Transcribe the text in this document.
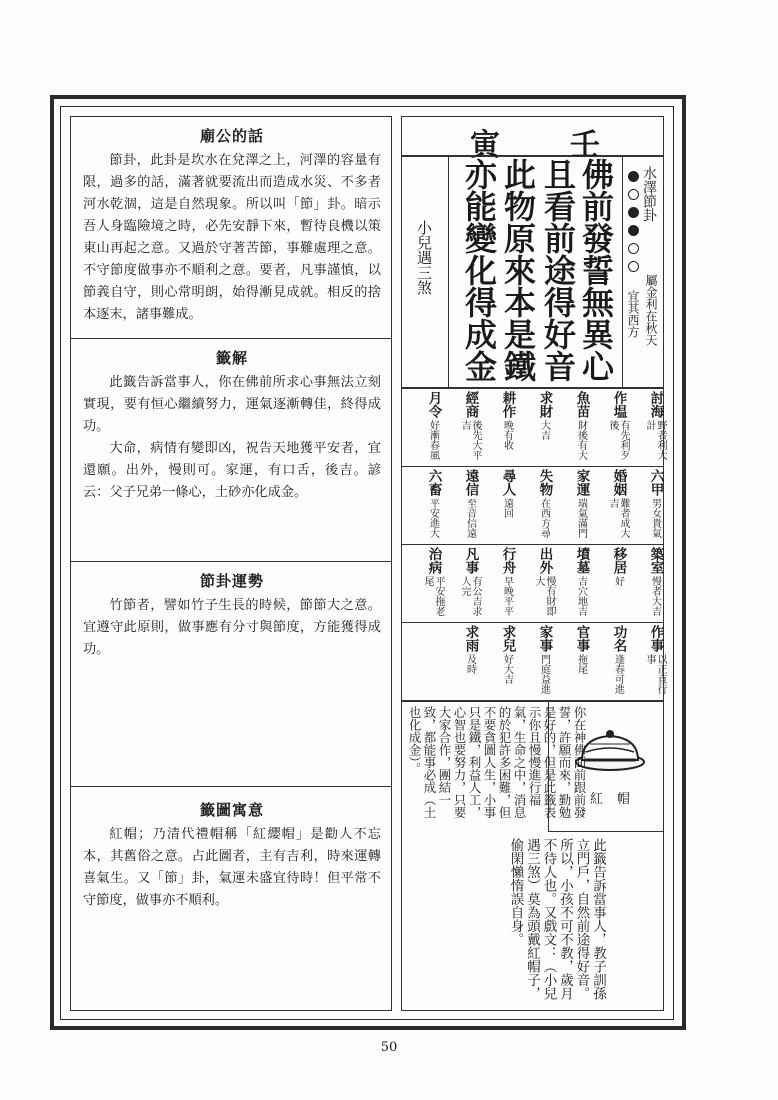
廟公的話

節卦，此卦是坎水在兌澤之上，河澤的容量有限，過多的話，滿著就要流出而造成水災、不多者河水乾涸，這是自然現象。所以叫「節」卦。暗示吾人身臨險境之時，必先安靜下來，暫待良機以策東山再起之意。又過於守著苦節，事難處理之意。不守節度做事亦不順利之意。要者，凡事謹慎，以節義自守，則心常明朗，始得漸見成就。相反的捨本逐末，諸事難成。

籤解

此籤告訴當事人，你在佛前所求心事無法立刻實現，要有恒心繼續努力，運氣逐漸轉佳，終得成功。

大命，病情有變即凶，祝告天地獲平安者，宜還願。出外，慢則可。家運，有口舌，後吉。諺云：父子兄弟一條心，土砂亦化成金。

節卦運勢

竹節者，譬如竹子生長的時候，節節大之意。宜遵守此原則，做事應有分寸與節度，方能獲得成功。

籤圖寓意

紅帽；乃清代禮帽稱「紅纓帽」是勸人不忘本，其舊俗之意。占此圖者，主有吉利，時來運轉喜氣生。又「節」卦，氣運未盛宜待時！但平常不守節度，做事亦不順利。

寅 壬
水澤節卦
屬金利在秋天
宜其西方
佛前發誓無異心
且看前途得好音
此物原來本是鐵
亦能變化得成金
小兒遇三煞
討海
野者利大計
作塭
有先利歹後
魚苗
財後有大
求財
大吉
耕作
晚有收
經商
後先大平吉
月令
好漸春風
六甲
男女貴氣
婚姻
難者成大吉
家運
瑞氣滿門
失物
在西方尋
尋人
遠回
遠信
至音信遠
六畜
平安進大
築室
慢者大吉
移居
好
墳墓
吉穴地吉
出外
慢有財即大
行舟
早晚平平
凡事
有公吉求人完
治病
平安拖老尾
作事
以正直行事
功名
逢春可進
官事
拖尾
家事
門庭益進
求兒
好大吉
求雨
及時
紅帽
你在神佛面前跟前發誓，許願而來，勤勉是好的，但是此籤表示你且慢慢進行福氣，生命之中，消息的於犯許多困難，但不要貪圖人生，小事只是鐵，利益人工，心智也要努力，只要大家合作，團結一致，都能事必成（土也化成金）。
此籤告訴當事人，教子訓孫立門戶，自然前途得好音。所以，小孩不可不教，歲月不待人也。又戲文：（小兒遇三煞）莫為頭戴紅帽子，偷閑懶惰誤自身。
50
